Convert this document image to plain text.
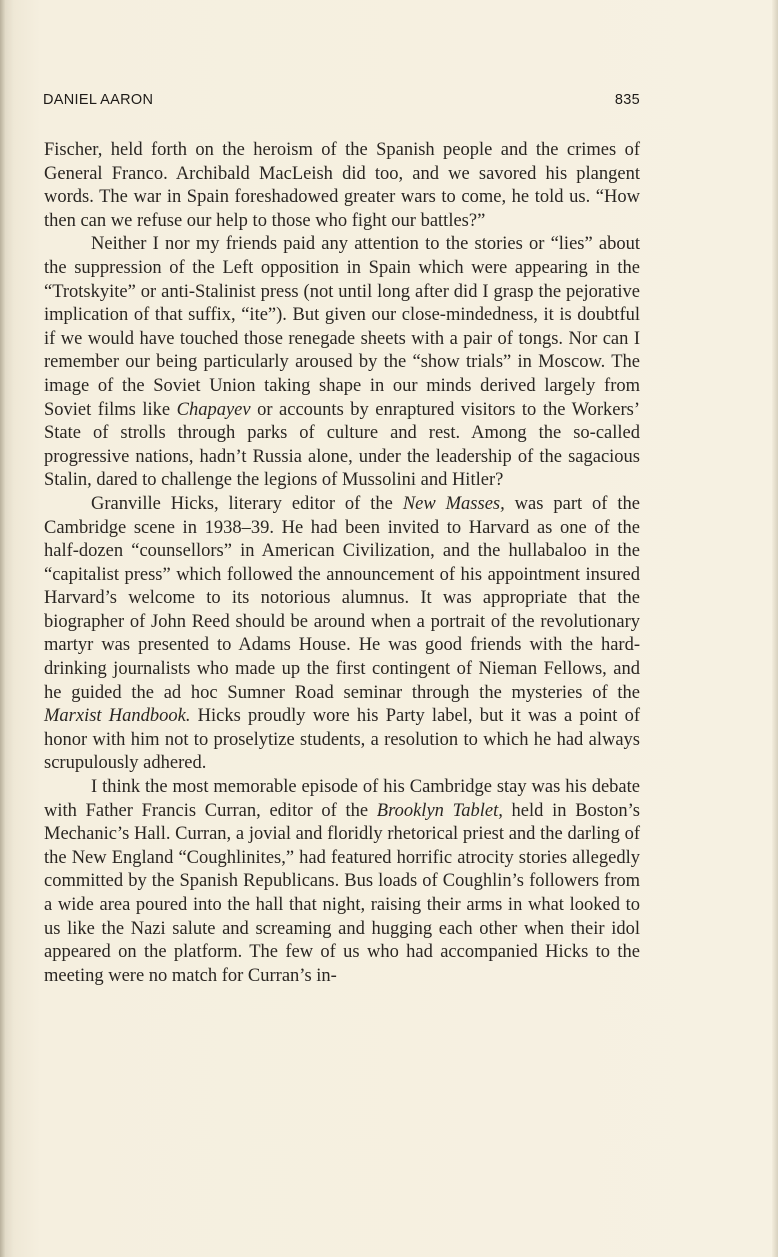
DANIEL AARON	835

Fischer, held forth on the heroism of the Spanish people and the crimes of General Franco. Archibald MacLeish did too, and we savored his plangent words. The war in Spain foreshadowed greater wars to come, he told us. “How then can we refuse our help to those who fight our battles?”

Neither I nor my friends paid any attention to the stories or “lies” about the suppression of the Left opposition in Spain which were appearing in the “Trotskyite” or anti-Stalinist press (not until long after did I grasp the pejorative implication of that suffix, “ite”). But given our close-mindedness, it is doubtful if we would have touched those renegade sheets with a pair of tongs. Nor can I remember our being particularly aroused by the “show trials” in Moscow. The image of the Soviet Union taking shape in our minds derived largely from Soviet films like Chapayev or accounts by enraptured visitors to the Workers’ State of strolls through parks of culture and rest. Among the so-called progressive nations, hadn’t Russia alone, under the leadership of the sagacious Stalin, dared to challenge the legions of Mussolini and Hitler?

Granville Hicks, literary editor of the New Masses, was part of the Cambridge scene in 1938–39. He had been invited to Harvard as one of the half-dozen “counsellors” in American Civilization, and the hullabaloo in the “capitalist press” which followed the announcement of his appointment insured Harvard’s welcome to its notorious alumnus. It was appropriate that the biographer of John Reed should be around when a portrait of the revolutionary martyr was presented to Adams House. He was good friends with the hard-drinking journalists who made up the first contingent of Nieman Fellows, and he guided the ad hoc Sumner Road seminar through the mysteries of the Marxist Handbook. Hicks proudly wore his Party label, but it was a point of honor with him not to proselytize students, a resolution to which he had always scrupulously adhered.

I think the most memorable episode of his Cambridge stay was his debate with Father Francis Curran, editor of the Brooklyn Tablet, held in Boston’s Mechanic’s Hall. Curran, a jovial and floridly rhetorical priest and the darling of the New England “Coughlinites,” had featured horrific atrocity stories allegedly committed by the Spanish Republicans. Bus loads of Coughlin’s followers from a wide area poured into the hall that night, raising their arms in what looked to us like the Nazi salute and screaming and hugging each other when their idol appeared on the platform. The few of us who had accompanied Hicks to the meeting were no match for Curran’s in-
